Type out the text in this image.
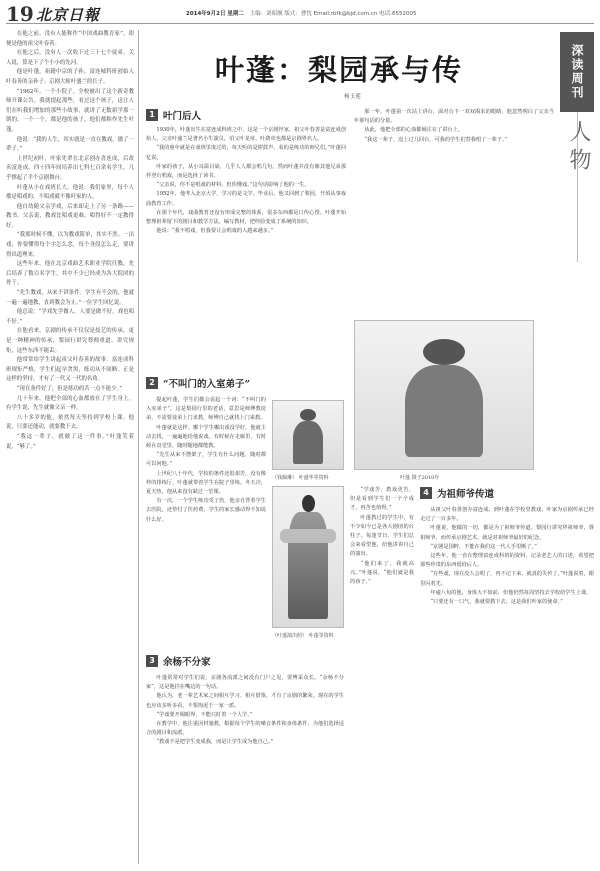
19 北京日報	2014年9月2日 星期二 主编：刘昭舰 版式：曹忱 Email:rbfk@bjd.com.cn 电话:6552005

在他之前，没有人能称作“中国戏曲教育家”。即便是他的祖父叶春善。

在他之后，没有人一次收下过三十七个徒弟。关人说，算是下了个小小的先河。

他是叶蓬，祖籍中京的子孙。富连城科班创始人叶春善的亲孙子。京剧大师叶盛兰的长子。

“1962年，一个小院子，全校被出了这个新奇教师开课公告。我就提起那些，看过这个孩子，这让人们在听我们增加的那些小故事，就讲了无数新学那一朝的，一个一个，都是他的孩子。他们都称作先生叶蓬。

他说：“我的人生，其实就是一直在教戏。做了一辈子。”

上世纪初叶，叶家先辈在北京创办喜连成，后改名富连成。四十四年间培养出七科七百余名学生，几乎撑起了半个京剧舞台。

叶蓬从小在戏班长大。他说：我们家里，每个人都是唱戏的，不唱戏就不像叶家的人。

他自幼随父亲学戏，后来却走上了另一条路——教书。父亲说，教戏比唱戏更难，唱得好不一定教得好。

“我那时候不懂，以为教戏简单，其实不然。一出戏，你要懂得每个字怎么念，每个身段怎么走，要讲得出道理来。

这些年来，他在北京戏曲艺术职业学院任教，先后培养了数百名学生，其中不少已经成为各大院团的骨干。

“先生教戏，从来不讲条件。学生有不会的，他就一遍一遍地教，直到教会为止。”一位学生回忆说。

他总说：“学戏先学做人。人要是做不好，戏也唱不好。”

在他看来，京剧的传承不仅仅是技艺的传承，更是一种精神的传承。梨园行讲究尊师重道，讲究规矩，这些东西不能丢。

他常常给学生讲起祖父叶春善的故事：富连成科班规矩严格，学生们起早贪黑，练功从不间断。正是这样的坚持，才有了一代又一代的名角。

“现在条件好了，但是练功的苦一点不能少。”

几十年来，他把全部的心血都放在了学生身上。有学生说，先生就像父亲一样。

八十多岁的他，依然每天坚持到学校上课。他说，只要还能动，就要教下去。

“我这一辈子，就做了这一件事。”叶蓬笑着说，“够了。”

深读周刊
人物
叶蓬：梨园承与传
杨玉莲
1 叶门后人

1930年，叶蓬出生在富连成科班之中，这是一个京剧世家，祖父叶春善是富连成创始人，父亲叶盛兰是著名小生演员，伯父叶龙章、叶荫章也都是京剧界名人。

“我的童年就是在戏班里度过的，每天听的是锣鼓声，看的是练功的师兄们。”叶蓬回忆说。

叶家的孩子，从小耳濡目染，几乎人人都会唱几句。然而叶蓬并没有像其他兄弟那样登台唱戏，而是选择了读书。

“父亲说，你不是唱戏的材料，但你懂戏。”这句话影响了他的一生。

1952年，他考入北京大学，学习的是文学。毕业后，他又回到了梨园，开始从事戏曲教育工作。

在那个年代，戏曲教育还没有形成完整的体系，很多东西都是口传心授。叶蓬开始整理祖辈留下的剧目和教学方法，编写教材，把经验变成了系统的知识。

他说：“我不唱戏，但我要让会唱戏的人越来越多。”

那一年，叶蓬第一次站上讲台，面对台下一双双渴求的眼睛，他忽然明白了父亲当年那句话的分量。

从此，他把全部的心血都倾注在了讲台上。

“我这一辈子，没上过几回台，可我的学生们替我唱了一辈子。”

叶蓬 摄于2010年
2 “不叫门的入室弟子”

提起叶蓬，学生们都会说起一个词：“不叫门的入室弟子”。这是梨园行里的老话，意思是师傅教徒弟，不需要徒弟上门求教，师傅自己就找上门来教。

叶蓬就是这样。哪个学生哪出戏没学好，他就主动去找，一遍遍地给他说戏。有时候在走廊里，有时候在食堂里，随时随地都能教。

“先生从来不摆架子，学生有什么问题，随时都可以问他。”

上世纪八十年代，学校的条件还很艰苦，没有像样的排练厅，叶蓬就带着学生在院子里练。冬天冷，夏天热，他从来没有缺过一堂课。

有一次，一个学生练功受了伤，他亲自背着学生去医院，还垫付了医药费。学生的家长感动得不知说什么好。

（钱佩琳） 叶盛华等资料
（叶蓬演出照） 叶蓬等资料
4 为祖师爷传道

从祖父叶春善创办富连成，到叶蓬在学校里教戏，叶家为京剧传承已经走过了一百多年。

叶蓬说，他做的一切，都是为了祖师爷传道。梨园行讲究拜祖师爷，尊祖师爷，而传承京剧艺术，就是对祖师爷最好的纪念。

“京剧是国粹，不能在我们这一代人手里断了。”

这些年，他一直在整理富连成科班的资料，记录老艺人的口述，希望把那些珍贵的东西留给后人。

“有些戏，现在没人会唱了，再不记下来，就真的失传了。”叶蓬说着，眼里闪着光。

年逾八旬的他，身体大不如前，但他仍然每周坚持去学校给学生上课。

“只要还有一口气，我就要教下去。这是我们叶家的使命。”

“学戏苦，教戏更苦。但是看到学生们一个个成才，再苦也值得。”

叶蓬教过的学生中，有不少如今已是各大剧团的台柱子。每逢节日，学生们总会来看望他，给他讲讲自己的演出。

“他们来了，我就高兴。”叶蓬说，“他们就是我的孩子。”

3 余杨不分家

叶蓬常常对学生们说，京剧各流派之间没有门户之见，要博采众长。“余杨不分家”，这是他挂在嘴边的一句话。

他认为，老一辈艺术家之间相互学习、相互借鉴，才有了京剧的繁荣。现在的学生也应该多听多看，不要拘泥于一家一派。

“学戏要开阔眼界，不能只盯着一个人学。”

在教学中，他注重因材施教，根据每个学生的嗓音条件和身体条件，为他们选择适合的剧目和流派。

“教戏不是把学生变成我，而是让学生成为他自己。”
